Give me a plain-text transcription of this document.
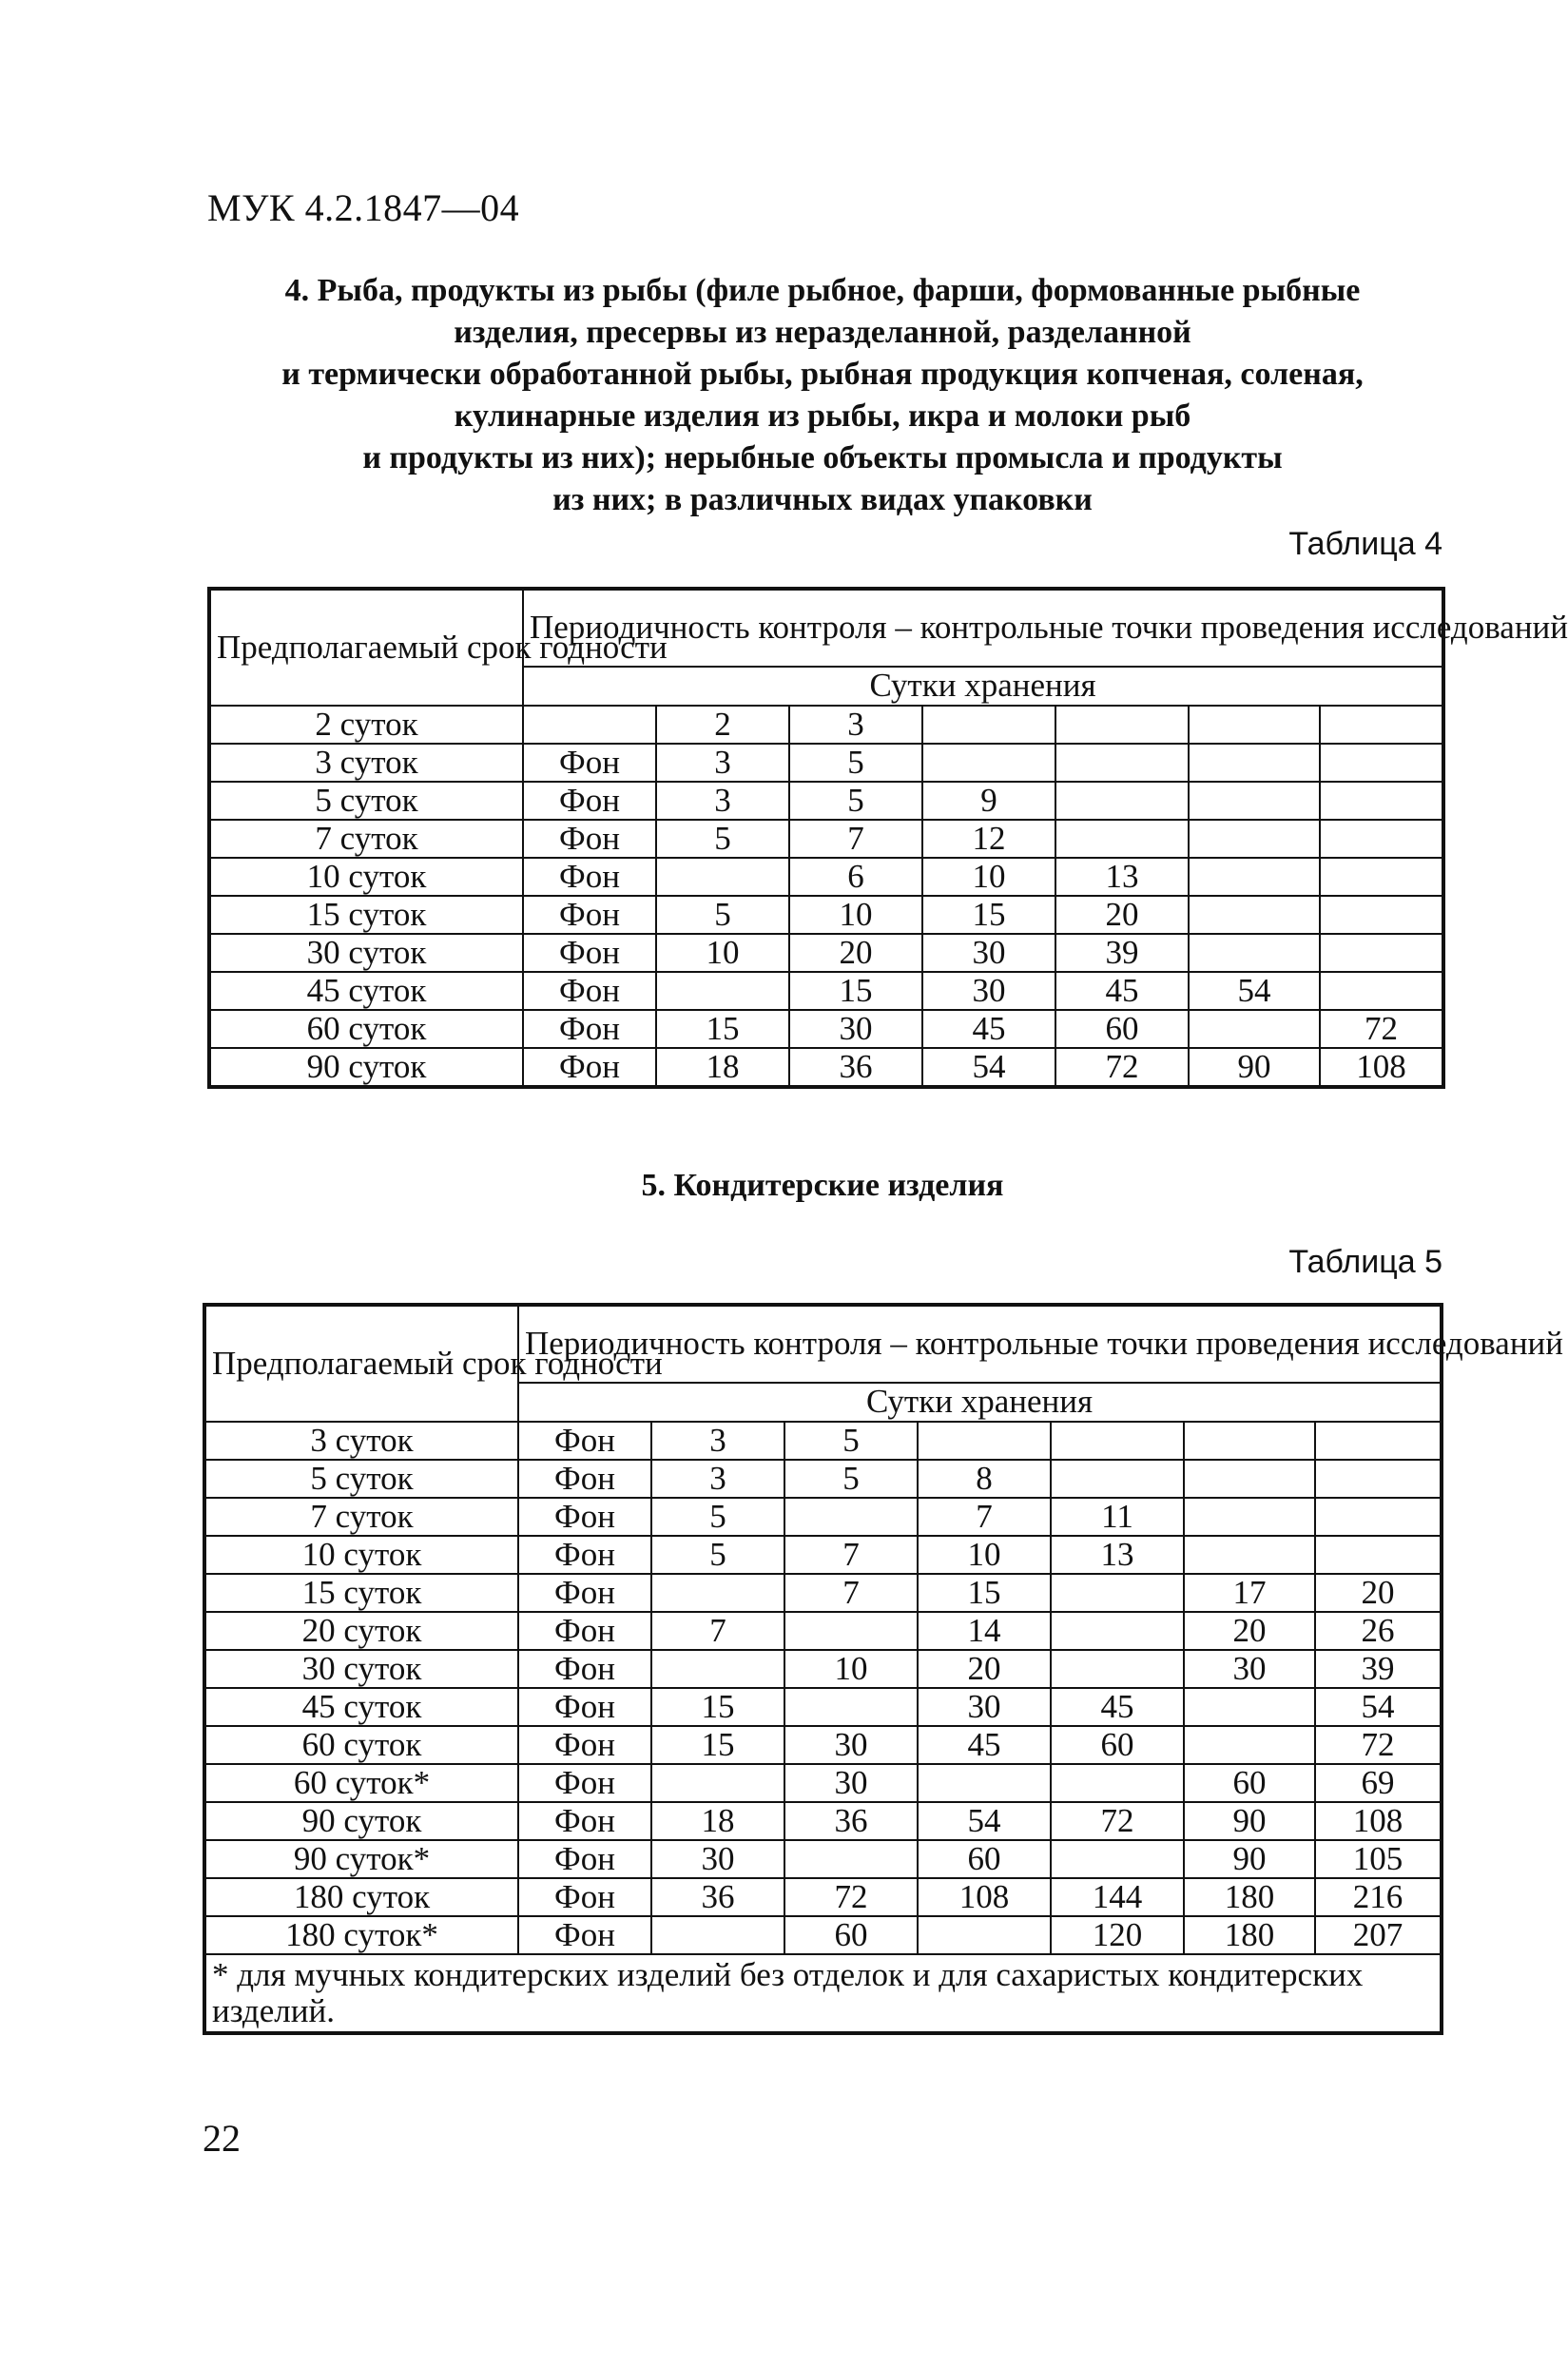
МУК 4.2.1847—04
4. Рыба, продукты из рыбы (филе рыбное, фарши, формованные рыбные
изделия, пресервы из неразделанной, разделанной
и термически обработанной рыбы, рыбная продукция копченая, соленая,
кулинарные изделия из рыбы, икра и молоки рыб
и продукты из них); нерыбные объекты промысла и продукты
из них; в различных видах упаковки
Таблица 4
Предполагаемый срок годности	Периодичность контроля – контрольные точки проведения исследований						
	Сутки хранения						
2 суток		2	3				
3 суток	Фон	3	5				
5 суток	Фон	3	5	9			
7 суток	Фон	5	7	12			
10 суток	Фон		6	10	13		
15 суток	Фон	5	10	15	20		
30 суток	Фон	10	20	30	39		
45 суток	Фон		15	30	45	54	
60 суток	Фон	15	30	45	60		72
90 суток	Фон	18	36	54	72	90	108
5. Кондитерские изделия
Таблица 5
Предполагаемый срок годности	Периодичность контроля – контрольные точки проведения исследований						
	Сутки хранения						
3 суток	Фон	3	5				
5 суток	Фон	3	5	8			
7 суток	Фон	5		7	11		
10 суток	Фон	5	7	10	13		
15 суток	Фон		7	15		17	20
20 суток	Фон	7		14		20	26
30 суток	Фон		10	20		30	39
45 суток	Фон	15		30	45		54
60 суток	Фон	15	30	45	60		72
60 суток*	Фон		30			60	69
90 суток	Фон	18	36	54	72	90	108
90 суток*	Фон	30		60		90	105
180 суток	Фон	36	72	108	144	180	216
180 суток*	Фон		60		120	180	207
* для мучных кондитерских изделий без отделок и для сахаристых кондитерских изделий.							
22
